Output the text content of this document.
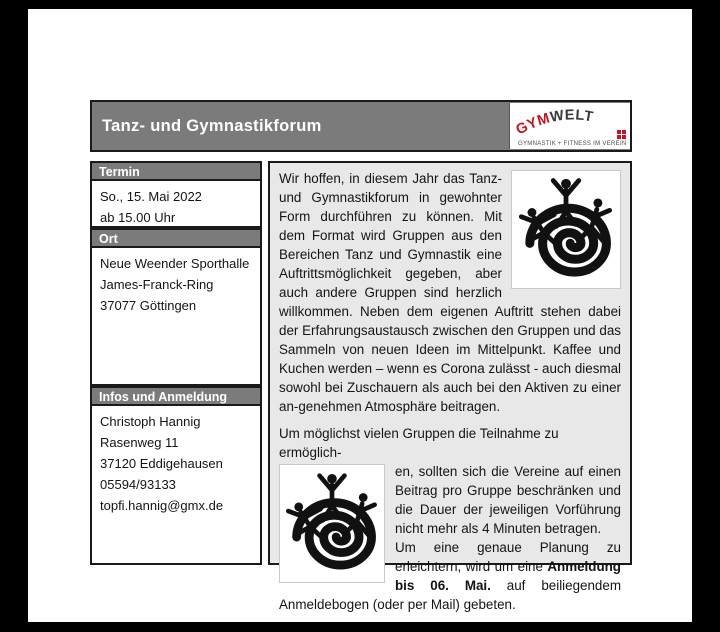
Tanz- und Gymnastikforum	GYMWELT
GYMNASTIK + FITNESS IM VEREIN
Termin
So., 15. Mai 2022
ab 15.00 Uhr
Ort
Neue Weender Sporthalle
James-Franck-Ring
37077 Göttingen
Infos und Anmeldung
Christoph Hannig
Rasenweg 11
37120 Eddigehausen
05594/93133
topfi.hannig@gmx.de

Wir hoffen, in diesem Jahr das Tanz- und Gymnastikforum in gewohnter Form durchführen zu können. Mit dem Format wird Gruppen aus den Bereichen Tanz und Gymnastik eine Auftrittsmöglichkeit gegeben, aber auch andere Gruppen sind herzlich willkommen. Neben dem eigenen Auftritt stehen dabei der Erfahrungsaustausch zwischen den Gruppen und das Sammeln von neuen Ideen im Mittelpunkt. Kaffee und Kuchen werden – wenn es Corona zulässt - auch diesmal sowohl bei Zuschauern als auch bei den Aktiven zu einer an-genehmen Atmosphäre beitragen.

Um möglichst vielen Gruppen die Teilnahme zu ermöglich-

en, sollten sich die Vereine auf einen Beitrag pro Gruppe beschränken und die Dauer der jeweiligen Vorführung nicht mehr als 4 Minuten betragen.
Um eine genaue Planung zu erleichtern, wird um eine Anmeldung bis 06. Mai. auf beiliegendem Anmeldebogen (oder per Mail) gebeten.
